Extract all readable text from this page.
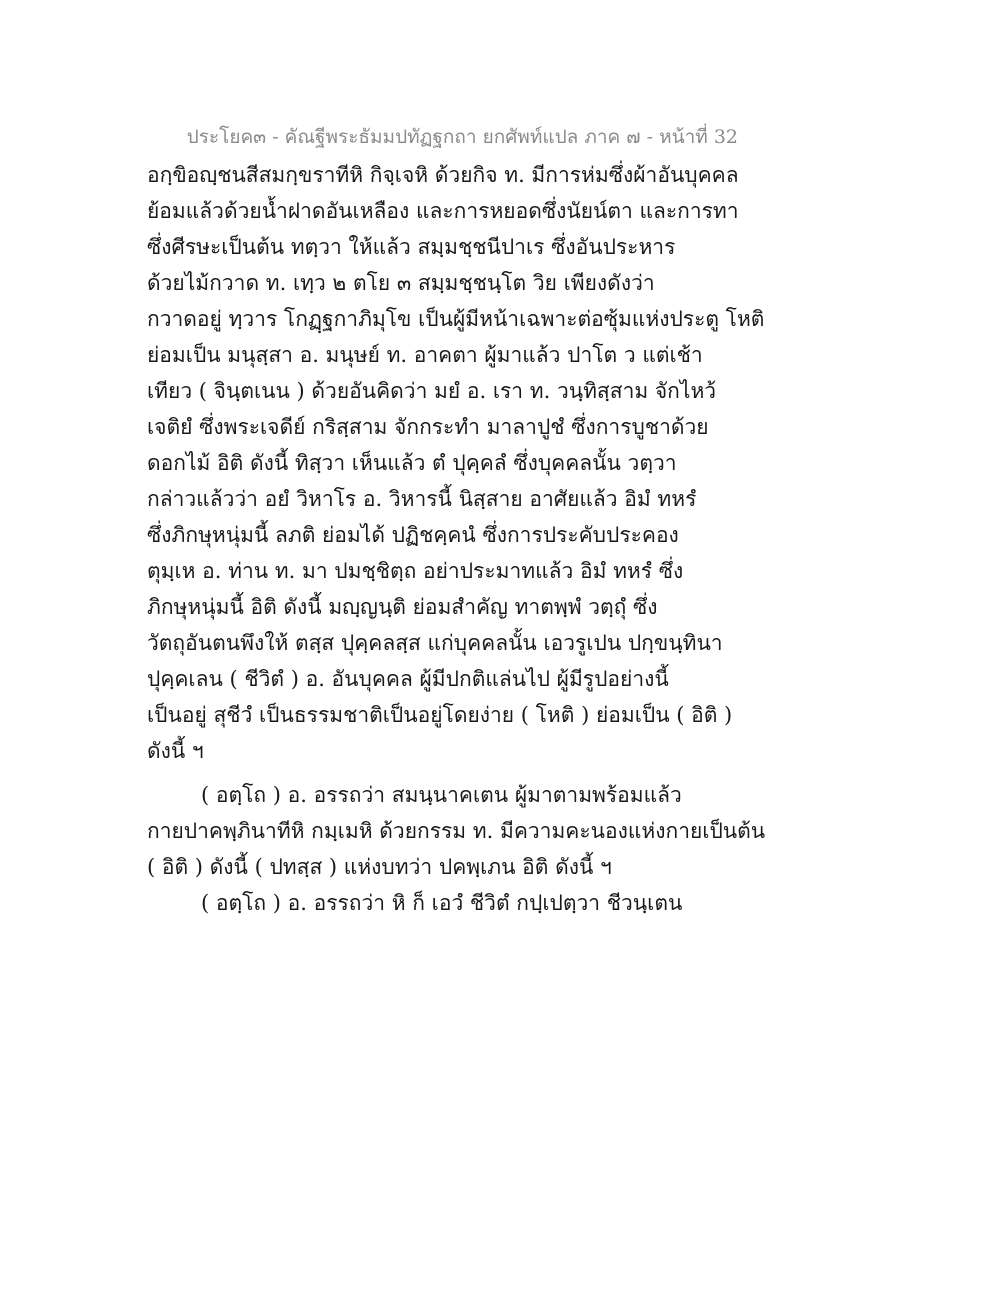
ประโยค๓ - คัณฐีพระธัมมปทัฏฐกถา ยกศัพท์แปล ภาค ๗ - หน้าที่ 32
อกฺขิอญฺชนสีสมกฺขราทีหิ กิจฺเจหิ ด้วยกิจ ท. มีการห่มซึ่งผ้าอันบุคคล
ย้อมแล้วด้วยน้ำฝาดอันเหลือง และการหยอดซึ่งนัยน์ตา และการทา
ซึ่งศีรษะเป็นต้น ทตฺวา ให้แล้ว สมฺมชฺชนีปาเร ซึ่งอันประหาร
ด้วยไม้กวาด ท. เทฺว ๒ ตโย ๓ สมฺมชฺชนฺโต วิย เพียงดังว่า
กวาดอยู่ ทฺวาร โกฏฺฐกาภิมุโข เป็นผู้มีหน้าเฉพาะต่อซุ้มแห่งประตู โหติ
ย่อมเป็น มนุสฺสา อ. มนุษย์ ท. อาคตา ผู้มาแล้ว ปาโต ว แต่เช้า
เทียว ( จินฺตเนน ) ด้วยอันคิดว่า มยํ อ. เรา ท. วนฺทิสฺสาม จักไหว้
เจติยํ ซึ่งพระเจดีย์ กริสฺสาม จักกระทำ มาลาปูชํ ซึ่งการบูชาด้วย
ดอกไม้ อิติ ดังนี้ ทิสฺวา เห็นแล้ว ตํ ปุคฺคลํ ซึ่งบุคคลนั้น วตฺวา
กล่าวแล้วว่า อยํ วิหาโร อ. วิหารนี้ นิสฺสาย อาศัยแล้ว อิมํ ทหรํ
ซึ่งภิกษุหนุ่มนี้ ลภติ ย่อมได้ ปฏิชคฺคนํ ซึ่งการประคับประคอง
ตุมฺเห อ. ท่าน ท. มา ปมชฺชิตฺถ อย่าประมาทแล้ว อิมํ ทหรํ ซึ่ง
ภิกษุหนุ่มนี้ อิติ ดังนี้ มญฺญนฺติ ย่อมสำคัญ ทาตพฺพํ วตฺถุํ ซึ่ง
วัตถุอันตนพึงให้ ตสฺส ปุคฺคลสฺส แก่บุคคลนั้น เอวรูเปน ปกฺขนฺทินา
ปุคฺคเลน ( ชีวิตํ ) อ. อันบุคคล ผู้มีปกติแล่นไป ผู้มีรูปอย่างนี้
เป็นอยู่ สุชีวํ เป็นธรรมชาติเป็นอยู่โดยง่าย ( โหติ ) ย่อมเป็น ( อิติ )
ดังนี้ ฯ
( อตฺโถ ) อ. อรรถว่า สมนฺนาคเตน ผู้มาตามพร้อมแล้ว
กายปาคพฺภินาทีหิ กมฺเมหิ ด้วยกรรม ท. มีความคะนองแห่งกายเป็นต้น
( อิติ ) ดังนี้ ( ปทสฺส ) แห่งบทว่า ปคพฺเภน อิติ ดังนี้ ฯ
( อตฺโถ ) อ. อรรถว่า หิ ก็ เอวํ ชีวิตํ กปฺเปตฺวา ชีวนฺเตน
